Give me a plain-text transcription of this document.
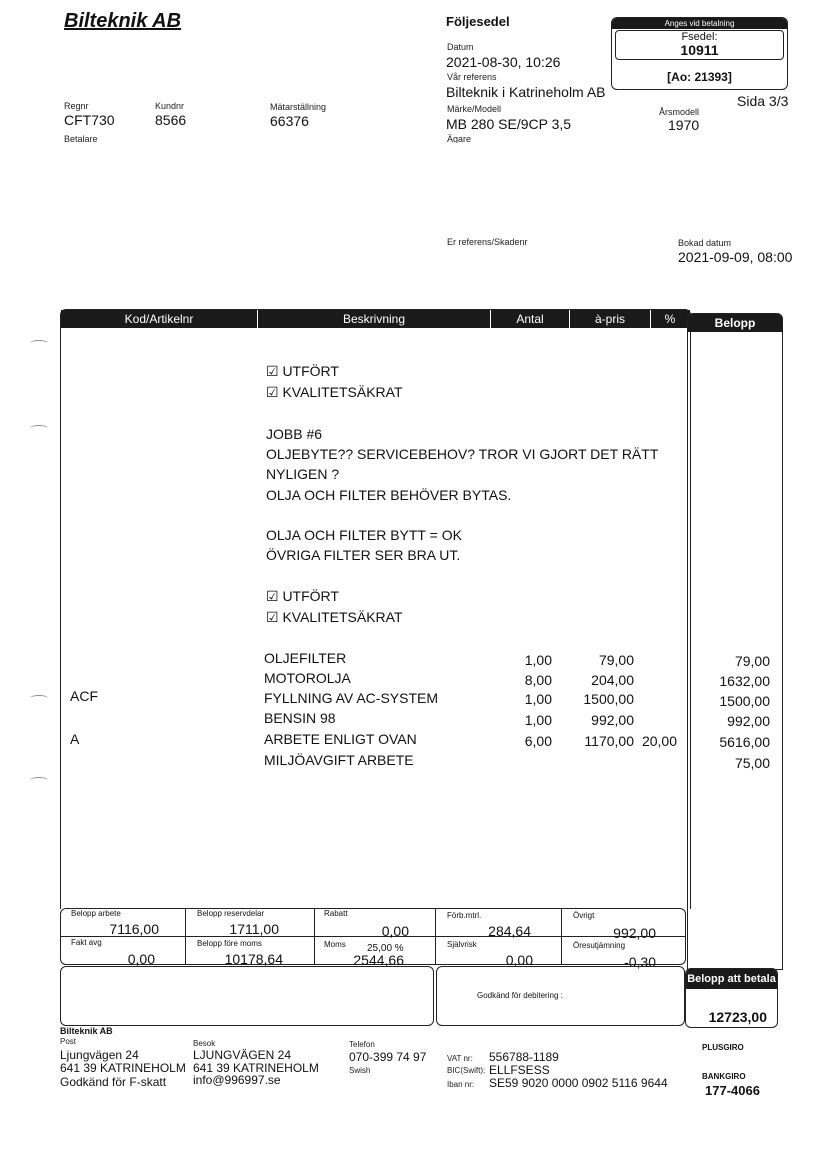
Bilteknik AB	Följesedel
Datum
2021-08-30, 10:26
Vår referens
Bilteknik i Katrineholm AB
Märke/Modell
MB 280 SE/9CP 3,5
Ägare
Årsmodell
1970
Sida 3/3
Regnr
CFT730
Kundnr
8566
Mätarställning
66376
Betalare
Er referens/Skadenr	Bokad datum
2021-09-09, 08:00
Anges vid betalning
Fsedel:
10911
[Ao: 21393]
Kod/Artikelnr	Beskrivning	Antal	à-pris	%	Belopp
☑ UTFÖRT
☑ KVALITETSÄKRAT
JOBB #6
OLJEBYTE?? SERVICEBEHOV? TROR VI GJORT DET RÄTT
NYLIGEN ?
OLJA OCH FILTER BEHÖVER BYTAS.
OLJA OCH FILTER BYTT = OK
ÖVRIGA FILTER SER BRA UT.
☑ UTFÖRT
☑ KVALITETSÄKRAT
OLJEFILTER	1,00	79,00	79,00
MOTOROLJA	8,00	204,00	1632,00
ACF	FYLLNING AV AC-SYSTEM	1,00	1500,00	1500,00
BENSIN 98	1,00	992,00	992,00
A	ARBETE ENLIGT OVAN	6,00	1170,00 20,00	5616,00
MILJÖAVGIFT ARBETE	75,00
Belopp arbete
7116,00
Belopp reservdelar
1711,00
Rabatt
0,00
Förb.mtrl.
284,64
Övrigt
992,00
Fakt avg
0,00
Belopp före moms
10178,64
Moms 25,00 %
2544,66
Självrisk
0,00
Öresutjämning
-0,30
Godkänd för debitering :
Belopp att betala
12723,00
Bilteknik AB
Post
Ljungvägen 24
641 39 KATRINEHOLM
Godkänd för F-skatt
Besok
LJUNGVÄGEN 24
641 39 KATRINEHOLM
info@996997.se
Telefon
070-399 74 97
Swish
VAT nr: 556788-1189
BIC(Swift): ELLFSESS
Iban nr: SE59 9020 0000 0902 5116 9644
PLUSGIRO
BANKGIRO
177-4066
